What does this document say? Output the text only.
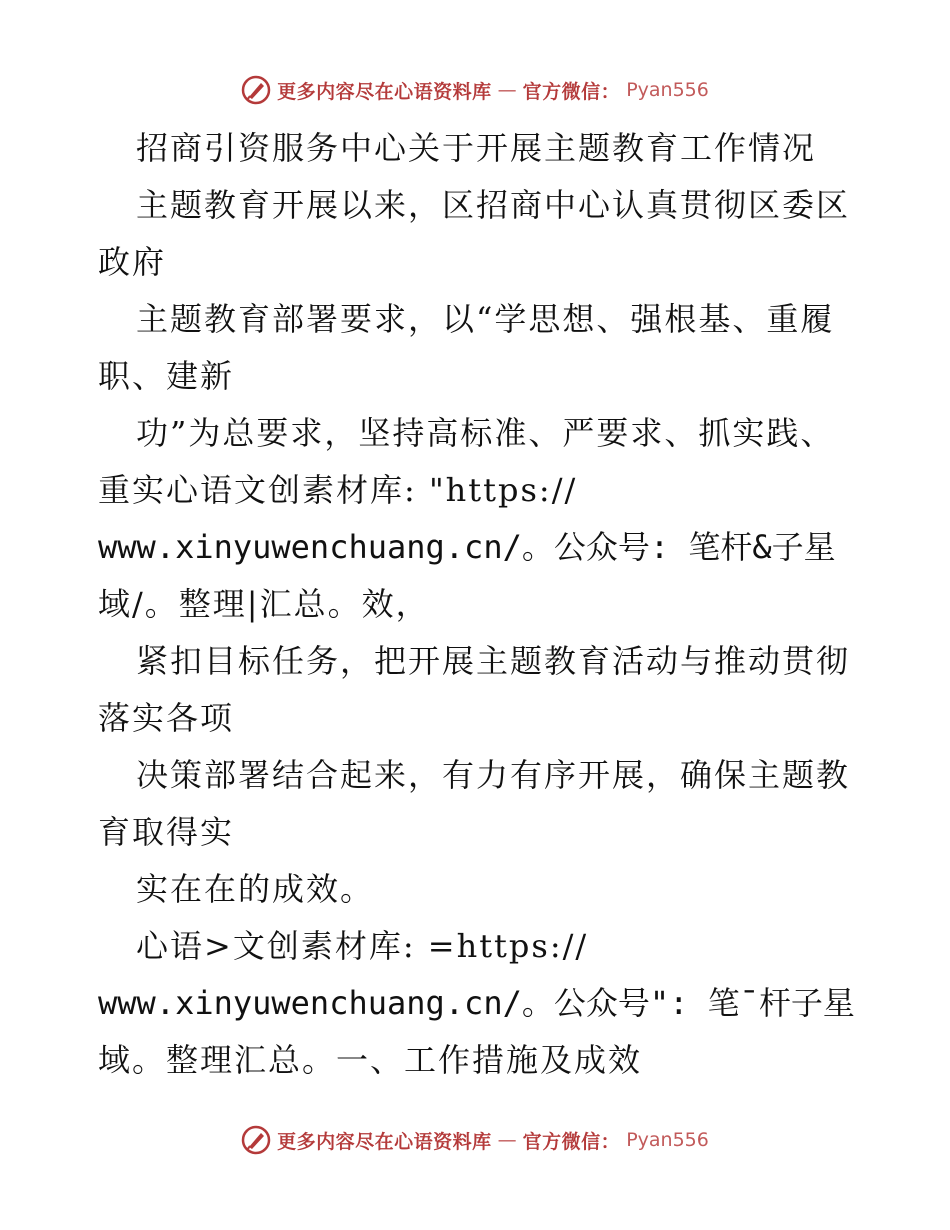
更多内容尽在心语资料库 — 官方微信： Pyan556
招商引资服务中心关于开展主题教育工作情况
主题教育开展以来，区招商中心认真贯彻区委区
政府
主题教育部署要求，以“学思想、强根基、重履
职、建新
功”为总要求，坚持高标准、严要求、抓实践、
重实心语文创素材库: "https://
www.xinyuwenchuang.cn/。公众号: 笔杆&子星
域/。整理|汇总。效，
紧扣目标任务，把开展主题教育活动与推动贯彻
落实各项
决策部署结合起来，有力有序开展，确保主题教
育取得实
实在在的成效。
心语>文创素材库: =https://
www.xinyuwenchuang.cn/。公众号": 笔¯杆子星
域。整理汇总。一、工作措施及成效
更多内容尽在心语资料库 — 官方微信： Pyan556
